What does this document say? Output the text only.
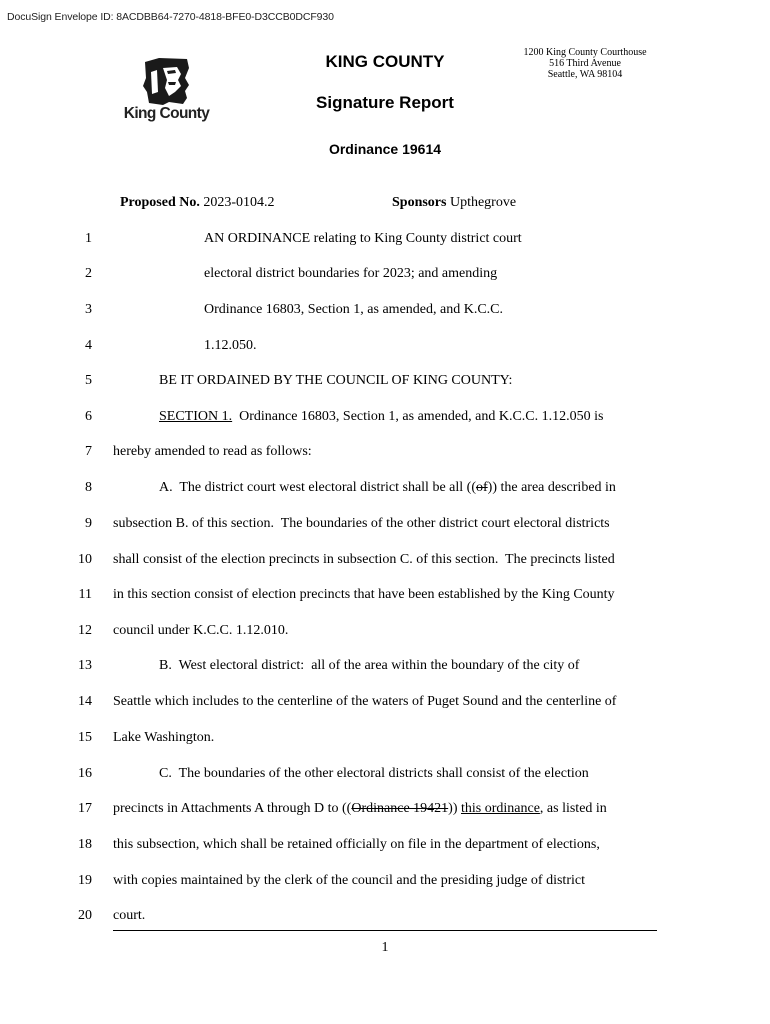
DocuSign Envelope ID: 8ACDBB64-7270-4818-BFE0-D3CCB0DCF930
King County
KING COUNTY
Signature Report
Ordinance 19614
1200 King County Courthouse
516 Third Avenue
Seattle, WA 98104
Proposed No. 2023-0104.2	Sponsors Upthegrove
1	AN ORDINANCE relating to King County district court
2	electoral district boundaries for 2023; and amending
3	Ordinance 16803, Section 1, as amended, and K.C.C.
4	1.12.050.
5	BE IT ORDAINED BY THE COUNCIL OF KING COUNTY:
6	SECTION 1.  Ordinance 16803, Section 1, as amended, and K.C.C. 1.12.050 is
7 hereby amended to read as follows:
8	A.  The district court west electoral district shall be all ((of)) the area described in
9 subsection B. of this section.  The boundaries of the other district court electoral districts
10 shall consist of the election precincts in subsection C. of this section.  The precincts listed
11 in this section consist of election precincts that have been established by the King County
12 council under K.C.C. 1.12.010.
13	B.  West electoral district:  all of the area within the boundary of the city of
14 Seattle which includes to the centerline of the waters of Puget Sound and the centerline of
15 Lake Washington.
16	C.  The boundaries of the other electoral districts shall consist of the election
17 precincts in Attachments A through D to ((Ordinance 19421)) this ordinance, as listed in
18 this subsection, which shall be retained officially on file in the department of elections,
19 with copies maintained by the clerk of the council and the presiding judge of district
20 court.
1
